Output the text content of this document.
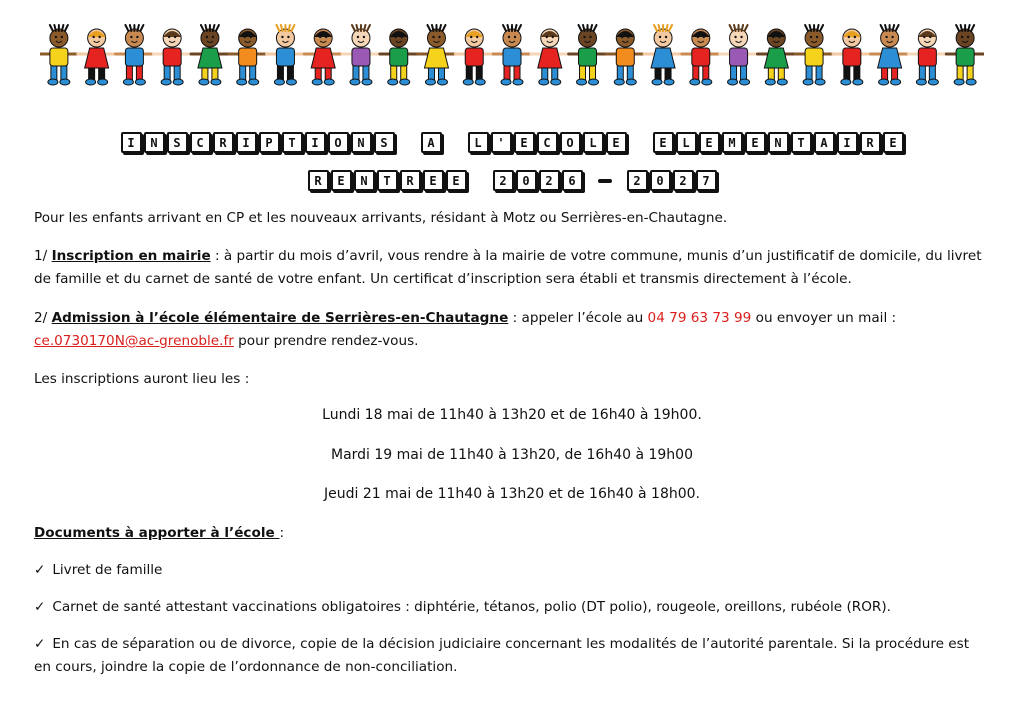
I	N	S	C	R	I	P	T	I	O	N	S	A	L	'	E	C	O	L	E	E	L	E	M	E	N	T	A	I	R	E
R	E	N	T	R	E	E	2	0	2	6	2	0	2	7

Pour les enfants arrivant en CP et les nouveaux arrivants, résidant à Motz ou Serrières-en-Chautagne.

1/ Inscription en mairie : à partir du mois d’avril, vous rendre à la mairie de votre commune, munis d’un justificatif de domicile, du livret de famille et du carnet de santé de votre enfant. Un certificat d’inscription sera établi et transmis directement à l’école.

2/ Admission à l’école élémentaire de Serrières-en-Chautagne : appeler l’école au 04 79 63 73 99 ou envoyer un mail : ce.0730170N@ac-grenoble.fr pour prendre rendez-vous.

Les inscriptions auront lieu les :

Lundi 18 mai de 11h40 à 13h20 et de 16h40 à 19h00.

Mardi 19 mai de 11h40 à 13h20, de 16h40 à 19h00

Jeudi 21 mai de 11h40 à 13h20 et de 16h40 à 18h00.

Documents à apporter à l’école :

✓ Livret de famille

✓ Carnet de santé attestant vaccinations obligatoires : diphtérie, tétanos, polio (DT polio), rougeole, oreillons, rubéole (ROR).

✓ En cas de séparation ou de divorce, copie de la décision judiciaire concernant les modalités de l’autorité parentale. Si la procédure est en cours, joindre la copie de l’ordonnance de non-conciliation.
